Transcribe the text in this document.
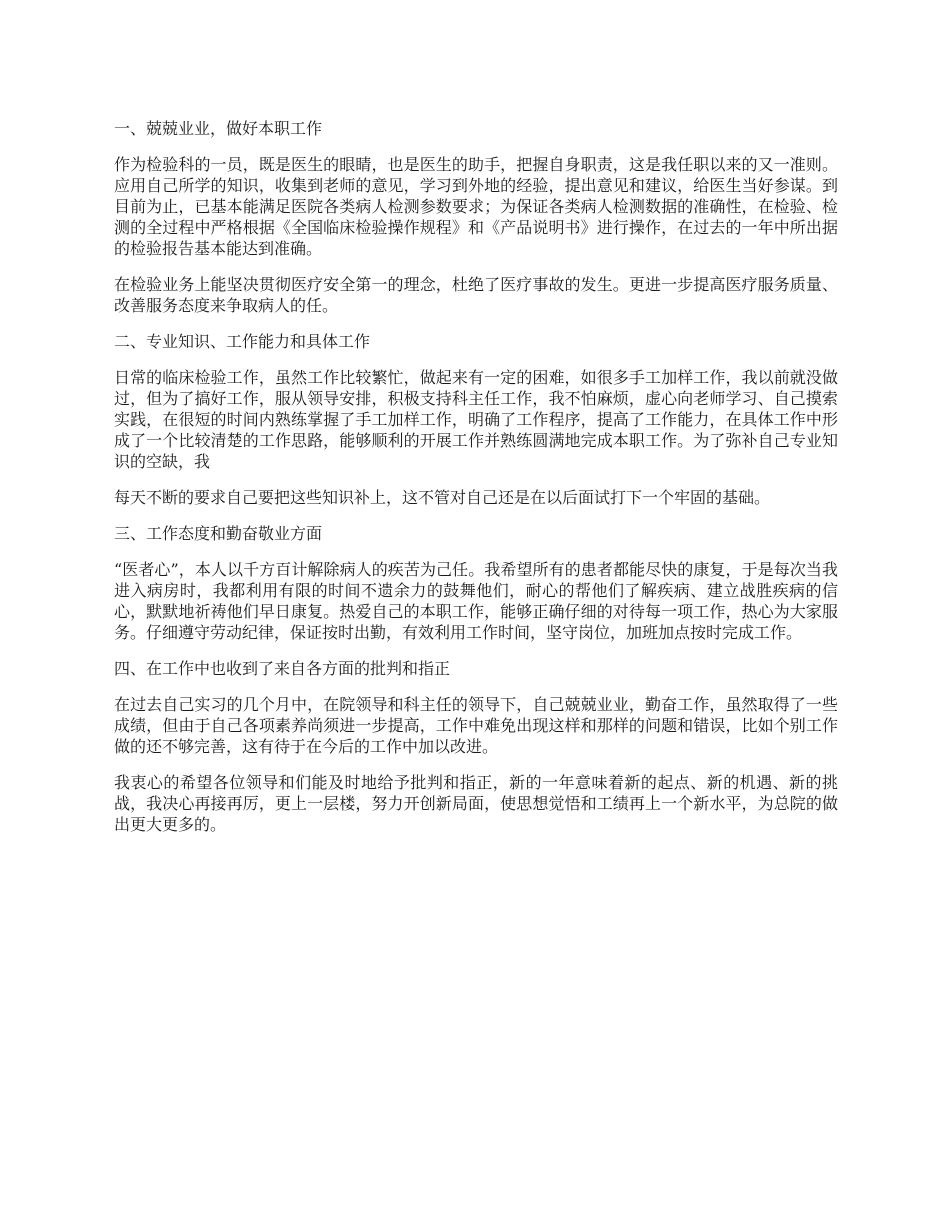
一、兢兢业业，做好本职工作

作为检验科的一员，既是医生的眼睛，也是医生的助手，把握自身职责，这是我任职以来的又一准则。应用自己所学的知识，收集到老师的意见，学习到外地的经验，提出意见和建议，给医生当好参谋。到目前为止，已基本能满足医院各类病人检测参数要求；为保证各类病人检测数据的准确性，在检验、检测的全过程中严格根据《全国临床检验操作规程》和《产品说明书》进行操作，在过去的一年中所出据的检验报告基本能达到准确。

在检验业务上能坚决贯彻医疗安全第一的理念，杜绝了医疗事故的发生。更进一步提高医疗服务质量、改善服务态度来争取病人的任。

二、专业知识、工作能力和具体工作

日常的临床检验工作，虽然工作比较繁忙，做起来有一定的困难，如很多手工加样工作，我以前就没做过，但为了搞好工作，服从领导安排，积极支持科主任工作，我不怕麻烦，虚心向老师学习、自己摸索实践，在很短的时间内熟练掌握了手工加样工作，明确了工作程序，提高了工作能力，在具体工作中形成了一个比较清楚的工作思路，能够顺利的开展工作并熟练圆满地完成本职工作。为了弥补自己专业知识的空缺，我

每天不断的要求自己要把这些知识补上，这不管对自己还是在以后面试打下一个牢固的基础。

三、工作态度和勤奋敬业方面

“医者心”，本人以千方百计解除病人的疾苦为己任。我希望所有的患者都能尽快的康复，于是每次当我进入病房时，我都利用有限的时间不遗余力的鼓舞他们，耐心的帮他们了解疾病、建立战胜疾病的信心，默默地祈祷他们早日康复。热爱自己的本职工作，能够正确仔细的对待每一项工作，热心为大家服务。仔细遵守劳动纪律，保证按时出勤，有效利用工作时间，坚守岗位，加班加点按时完成工作。

四、在工作中也收到了来自各方面的批判和指正

在过去自己实习的几个月中，在院领导和科主任的领导下，自己兢兢业业，勤奋工作，虽然取得了一些成绩，但由于自己各项素养尚须进一步提高，工作中难免出现这样和那样的问题和错误，比如个别工作做的还不够完善，这有待于在今后的工作中加以改进。

我衷心的希望各位领导和们能及时地给予批判和指正，新的一年意味着新的起点、新的机遇、新的挑战，我决心再接再厉，更上一层楼，努力开创新局面，使思想觉悟和工绩再上一个新水平，为总院的做出更大更多的。
